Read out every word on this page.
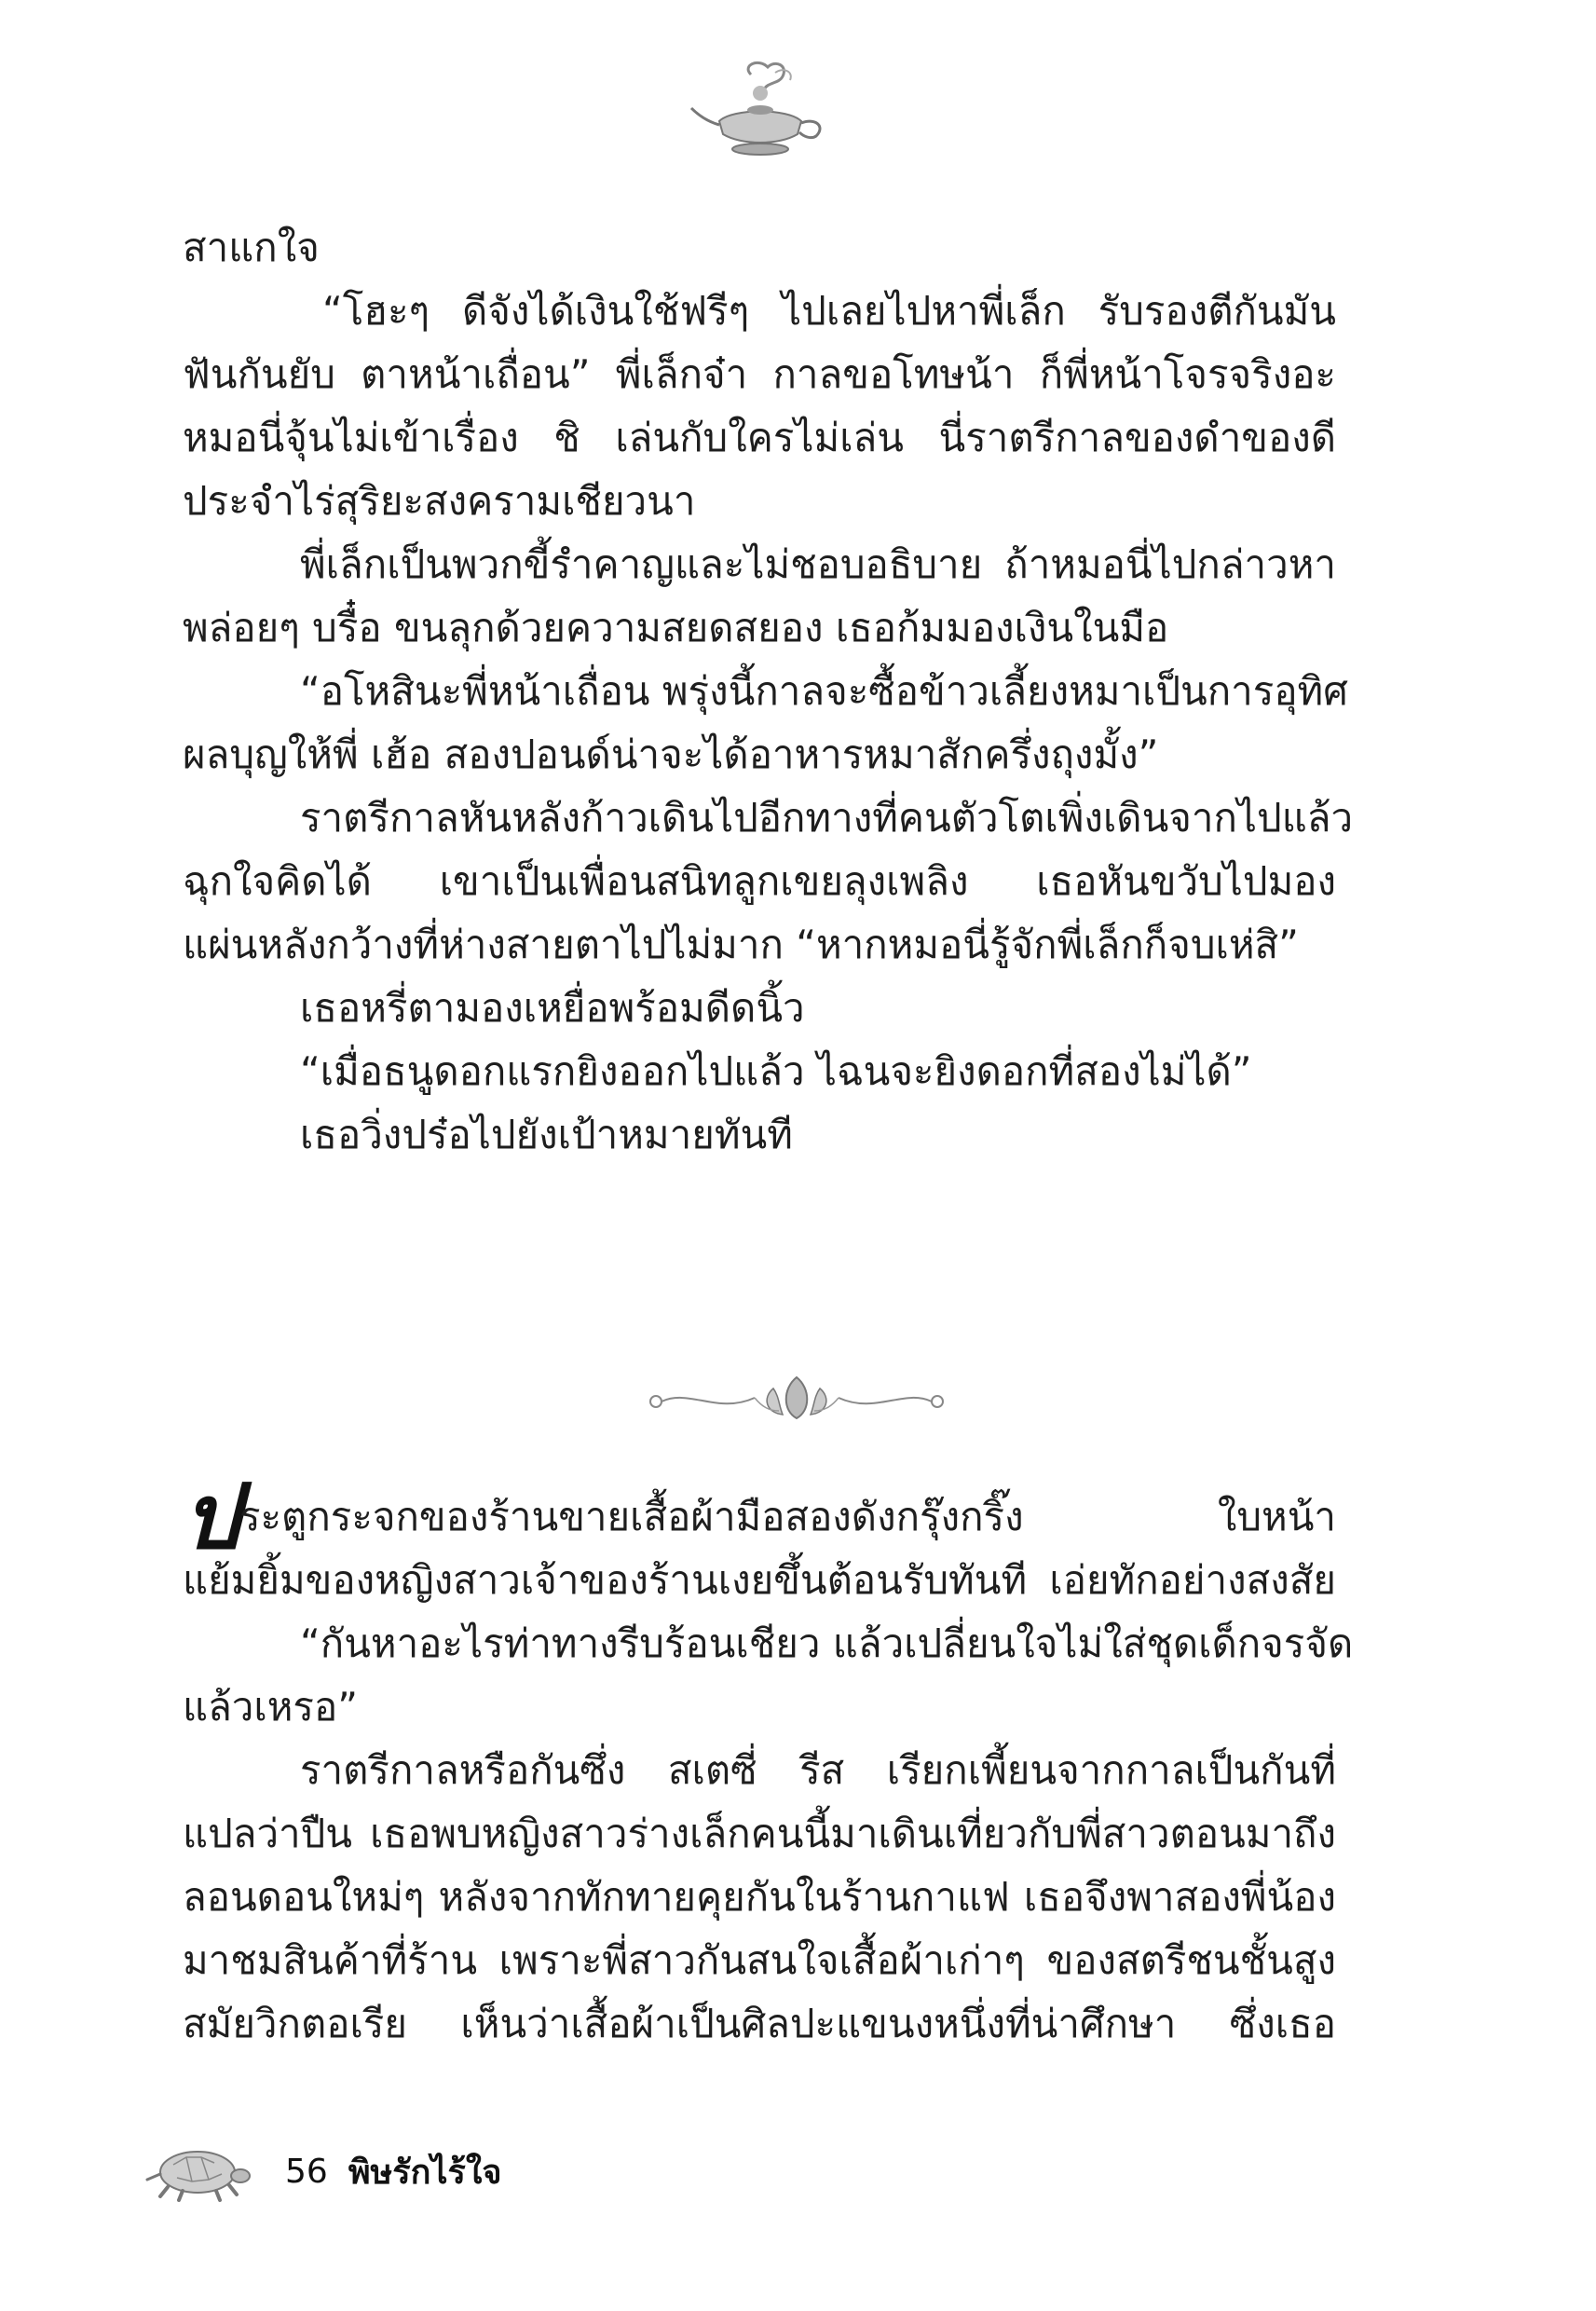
สาแกใจ
“โฮะๆ ดีจังได้เงินใช้ฟรีๆ ไปเลยไปหาพี่เล็ก รับรองตีกันมัน
ฟันกันยับ ตาหน้าเถื่อน” พี่เล็กจ๋า กาลขอโทษน้า ก็พี่หน้าโจรจริงอะ
หมอนี่จุ้นไม่เข้าเรื่อง ชิ เล่นกับใครไม่เล่น นี่ราตรีกาลของดำของดี
ประจำไร่สุริยะสงครามเชียวนา
พี่เล็กเป็นพวกขี้รำคาญและไม่ชอบอธิบาย ถ้าหมอนี่ไปกล่าวหา
พล่อยๆ บรื๋อ ขนลุกด้วยความสยดสยอง เธอก้มมองเงินในมือ
“อโหสินะพี่หน้าเถื่อน พรุ่งนี้กาลจะซื้อข้าวเลี้ยงหมาเป็นการอุทิศ
ผลบุญให้พี่ เฮ้อ สองปอนด์น่าจะได้อาหารหมาสักครึ่งถุงมั้ง”
ราตรีกาลหันหลังก้าวเดินไปอีกทางที่คนตัวโตเพิ่งเดินจากไปแล้ว
ฉุกใจคิดได้ เขาเป็นเพื่อนสนิทลูกเขยลุงเพลิง เธอหันขวับไปมอง
แผ่นหลังกว้างที่ห่างสายตาไปไม่มาก “หากหมอนี่รู้จักพี่เล็กก็จบเห่สิ”
เธอหรี่ตามองเหยื่อพร้อมดีดนิ้ว
“เมื่อธนูดอกแรกยิงออกไปแล้ว ไฉนจะยิงดอกที่สองไม่ได้”
เธอวิ่งปร๋อไปยังเป้าหมายทันที
ป ระตูกระจกของร้านขายเสื้อผ้ามือสองดังกรุ๊งกริ๊ง ใบหน้า
แย้มยิ้มของหญิงสาวเจ้าของร้านเงยขึ้นต้อนรับทันที เอ่ยทักอย่างสงสัย
“กันหาอะไรท่าทางรีบร้อนเชียว แล้วเปลี่ยนใจไม่ใส่ชุดเด็กจรจัด
แล้วเหรอ”
ราตรีกาลหรือกันซึ่ง สเตซี่ รีส เรียกเพี้ยนจากกาลเป็นกันที่
แปลว่าปืน เธอพบหญิงสาวร่างเล็กคนนี้มาเดินเที่ยวกับพี่สาวตอนมาถึง
ลอนดอนใหม่ๆ หลังจากทักทายคุยกันในร้านกาแฟ เธอจึงพาสองพี่น้อง
มาชมสินค้าที่ร้าน เพราะพี่สาวกันสนใจเสื้อผ้าเก่าๆ ของสตรีชนชั้นสูง
สมัยวิกตอเรีย เห็นว่าเสื้อผ้าเป็นศิลปะแขนงหนึ่งที่น่าศึกษา ซึ่งเธอ
56 พิษรักไร้ใจ
